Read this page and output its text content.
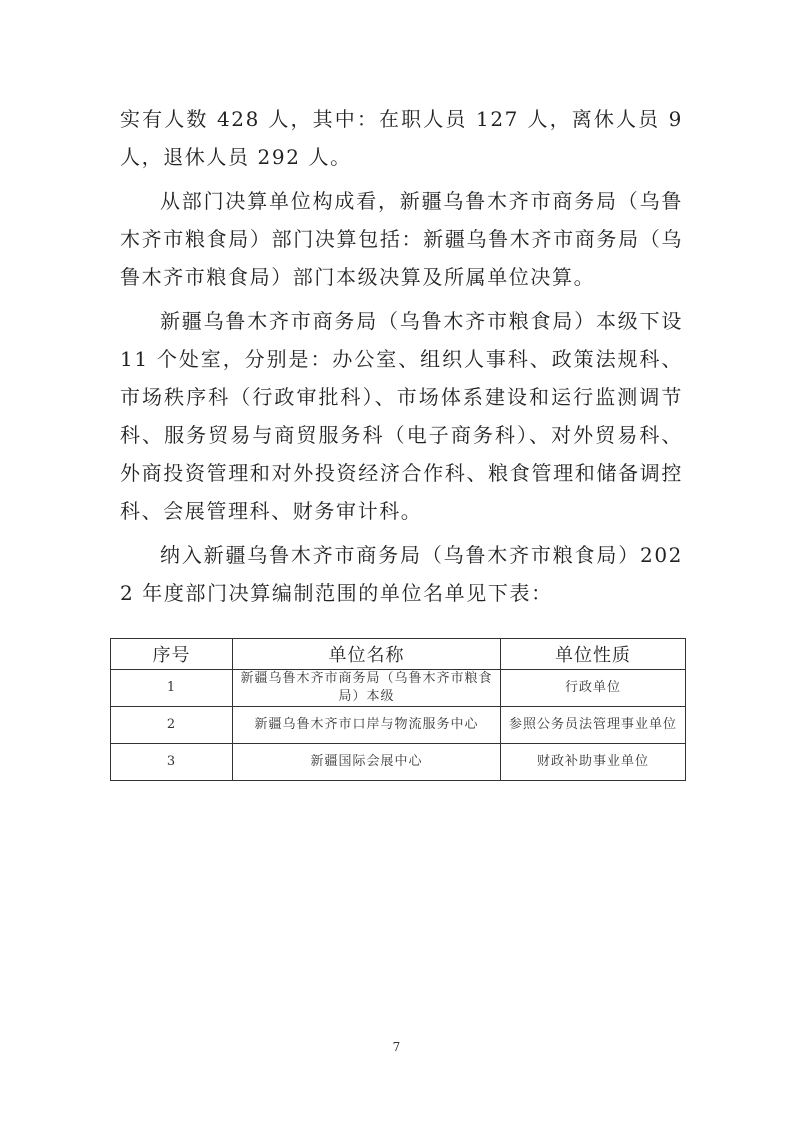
实有人数 428 人，其中：在职人员 127 人，离休人员 9 人，退休人员 292 人。

从部门决算单位构成看，新疆乌鲁木齐市商务局（乌鲁木齐市粮食局）部门决算包括：新疆乌鲁木齐市商务局（乌鲁木齐市粮食局）部门本级决算及所属单位决算。

新疆乌鲁木齐市商务局（乌鲁木齐市粮食局）本级下设 11 个处室，分别是：办公室、组织人事科、政策法规科、市场秩序科（行政审批科）、市场体系建设和运行监测调节科、服务贸易与商贸服务科（电子商务科）、对外贸易科、外商投资管理和对外投资经济合作科、粮食管理和储备调控科、会展管理科、财务审计科。

纳入新疆乌鲁木齐市商务局（乌鲁木齐市粮食局）2022 年度部门决算编制范围的单位名单见下表：

序号	单位名称	单位性质
1	新疆乌鲁木齐市商务局（乌鲁木齐市粮食局）本级	行政单位
2	新疆乌鲁木齐市口岸与物流服务中心	参照公务员法管理事业单位
3	新疆国际会展中心	财政补助事业单位
7
